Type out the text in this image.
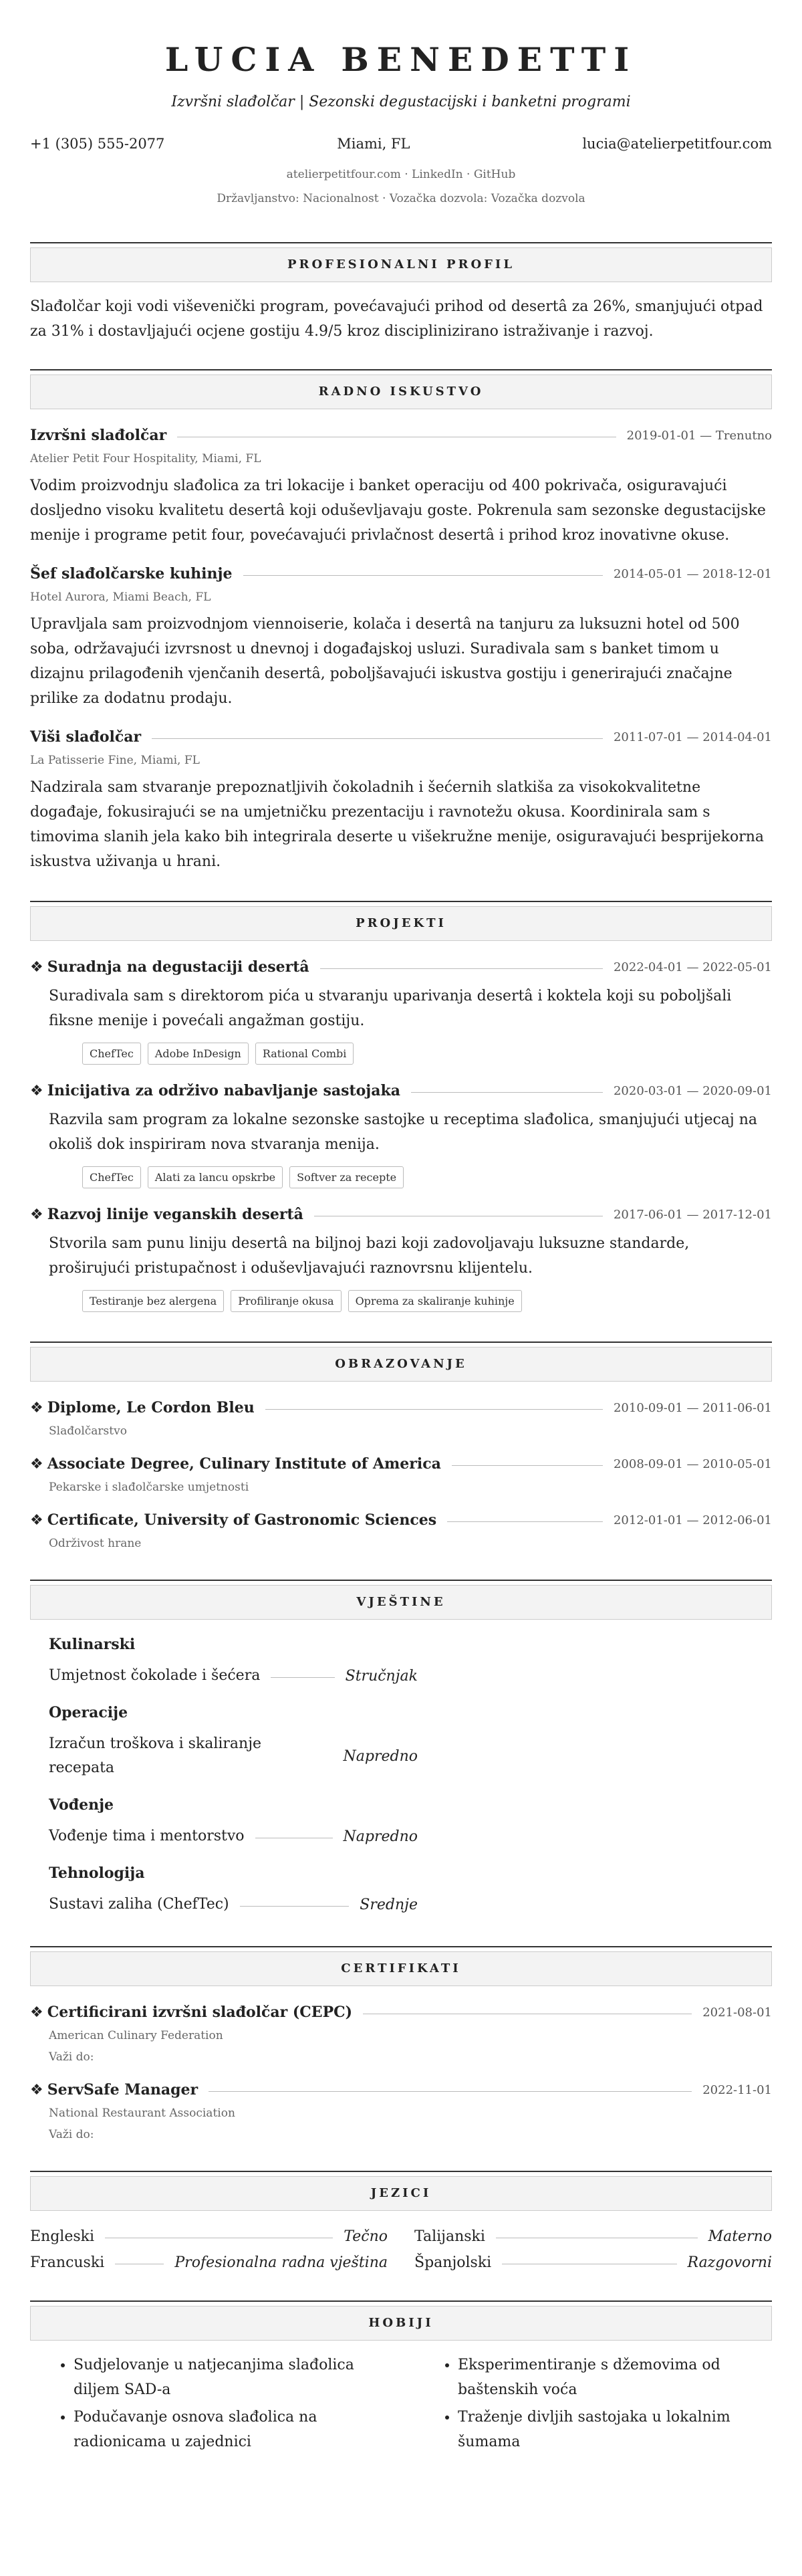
LUCIA BENEDETTI
Izvršni slađolčar | Sezonski degustacijski i banketni programi
+1 (305) 555-2077	Miami, FL	lucia@atelierpetitfour.com
atelierpetitfour.com · LinkedIn · GitHub
Državljanstvo: Nacionalnost · Vozačka dozvola: Vozačka dozvola
PROFESIONALNI PROFIL
Slađolčar koji vodi viševenički program, povećavajući prihod od desertâ za 26%, smanjujući otpad za 31% i dostavljajući ocjene gostiju 4.9/5 kroz disciplinizirano istraživanje i razvoj.
RADNO ISKUSTVO
Izvršni slađolčar	2019-01-01 — Trenutno
Atelier Petit Four Hospitality, Miami, FL
Vodim proizvodnju slađolica za tri lokacije i banket operaciju od 400 pokrivača, osiguravajući dosljedno visoku kvalitetu desertâ koji oduševljavaju goste. Pokrenula sam sezonske degustacijske menije i programe petit four, povećavajući privlačnost desertâ i prihod kroz inovativne okuse.
Šef slađolčarske kuhinje	2014-05-01 — 2018-12-01
Hotel Aurora, Miami Beach, FL
Upravljala sam proizvodnjom viennoiserie, kolača i desertâ na tanjuru za luksuzni hotel od 500 soba, održavajući izvrsnost u dnevnoj i događajskoj usluzi. Suradivala sam s banket timom u dizajnu prilagođenih vjenčanih desertâ, poboljšavajući iskustva gostiju i generirajući značajne prilike za dodatnu prodaju.
Viši slađolčar	2011-07-01 — 2014-04-01
La Patisserie Fine, Miami, FL
Nadzirala sam stvaranje prepoznatljivih čokoladnih i šećernih slatkiša za visokokvalitetne događaje, fokusirajući se na umjetničku prezentaciju i ravnotežu okusa. Koordinirala sam s timovima slanih jela kako bih integrirala deserte u višekružne menije, osiguravajući besprijekorna iskustva uživanja u hrani.
PROJEKTI
❖ Suradnja na degustaciji desertâ	2022-04-01 — 2022-05-01
Suradivala sam s direktorom pića u stvaranju uparivanja desertâ i koktela koji su poboljšali fiksne menije i povećali angažman gostiju.
ChefTec	Adobe InDesign	Rational Combi
❖ Inicijativa za održivo nabavljanje sastojaka	2020-03-01 — 2020-09-01
Razvila sam program za lokalne sezonske sastojke u receptima slađolica, smanjujući utjecaj na okoliš dok inspiriram nova stvaranja menija.
ChefTec	Alati za lancu opskrbe	Softver za recepte
❖ Razvoj linije veganskih desertâ	2017-06-01 — 2017-12-01
Stvorila sam punu liniju desertâ na biljnoj bazi koji zadovoljavaju luksuzne standarde, proširujući pristupačnost i oduševljavajući raznovrsnu klijentelu.
Testiranje bez alergena	Profiliranje okusa	Oprema za skaliranje kuhinje
OBRAZOVANJE
❖ Diplome, Le Cordon Bleu	2010-09-01 — 2011-06-01
Slađolčarstvo
❖ Associate Degree, Culinary Institute of America	2008-09-01 — 2010-05-01
Pekarske i slađolčarske umjetnosti
❖ Certificate, University of Gastronomic Sciences	2012-01-01 — 2012-06-01
Održivost hrane
VJEŠTINE
Kulinarski
Umjetnost čokolade i šećera	Stručnjak
Operacije
Izračun troškova i skaliranje recepata
Napredno
Vođenje
Vođenje tima i mentorstvo	Napredno
Tehnologija
Sustavi zaliha (ChefTec)	Srednje
CERTIFIKATI
❖ Certificirani izvršni slađolčar (CEPC)	2021-08-01
American Culinary Federation
Važi do:
❖ ServSafe Manager	2022-11-01
National Restaurant Association
Važi do:
JEZICI
Engleski	Tečno Talijanski	Materno
Francuski	Profesionalna radna vještina Španjolski	Razgovorni
HOBIJI
• Sudjelovanje u natjecanjima slađolica diljem SAD-a
• Podučavanje osnova slađolica na radionicama u zajednici
• Eksperimentiranje s džemovima od baštenskih voća
• Traženje divljih sastojaka u lokalnim šumama
